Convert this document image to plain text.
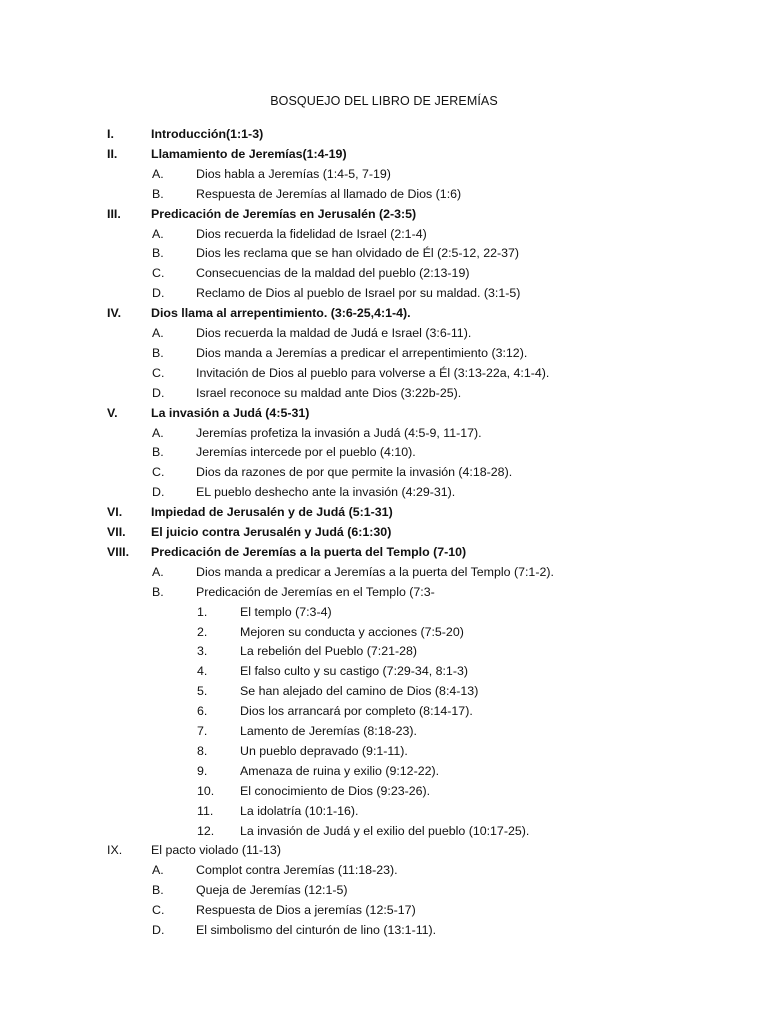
BOSQUEJO DEL LIBRO DE JEREMÍAS
I.	Introducción(1:1-3)
II.	Llamamiento de Jeremías(1:4-19)
A.	Dios habla a Jeremías (1:4-5, 7-19)
B.	Respuesta de Jeremías al llamado de Dios (1:6)
III. Predicación de Jeremías en Jerusalén (2-3:5)
A.	Dios recuerda la fidelidad de Israel (2:1-4)
B.	Dios les reclama que se han olvidado de Él (2:5-12, 22-37)
C.	Consecuencias de la maldad del pueblo (2:13-19)
D.	Reclamo de Dios al pueblo de Israel por su maldad. (3:1-5)
IV. Dios llama al arrepentimiento. (3:6-25,4:1-4).
A.	Dios recuerda la maldad de Judá e Israel (3:6-11).
B.	Dios manda a Jeremías a predicar el arrepentimiento (3:12).
C.	Invitación de Dios al pueblo para volverse a Él (3:13-22a, 4:1-4).
D.	Israel reconoce su maldad ante Dios (3:22b-25).
V.	La invasión a Judá (4:5-31)
A.	Jeremías profetiza la invasión a Judá (4:5-9, 11-17).
B.	Jeremías intercede por el pueblo (4:10).
C.	Dios da razones de por que permite la invasión (4:18-28).
D.	EL pueblo deshecho ante la invasión (4:29-31).
VI. Impiedad de Jerusalén y de Judá (5:1-31)
VII. El juicio contra Jerusalén y Judá (6:1:30)
VIII. Predicación de Jeremías a la puerta del Templo (7-10)
A.	Dios manda a predicar a Jeremías a la puerta del Templo (7:1-2).
B.	Predicación de Jeremías en el Templo (7:3-
1.	El templo (7:3-4)
2.	Mejoren su conducta y acciones (7:5-20)
3.	La rebelión del Pueblo (7:21-28)
4.	El falso culto y su castigo (7:29-34, 8:1-3)
5.	Se han alejado del camino de Dios (8:4-13)
6.	Dios los arrancará por completo (8:14-17).
7.	Lamento de Jeremías (8:18-23).
8.	Un pueblo depravado (9:1-11).
9.	Amenaza de ruina y exilio (9:12-22).
10. El conocimiento de Dios (9:23-26).
11. La idolatría (10:1-16).
12. La invasión de Judá y el exilio del pueblo (10:17-25).
IX. El pacto violado (11-13)
A.	Complot contra Jeremías (11:18-23).
B.	Queja de Jeremías (12:1-5)
C.	Respuesta de Dios a jeremías (12:5-17)
D.	El simbolismo del cinturón de lino (13:1-11).
